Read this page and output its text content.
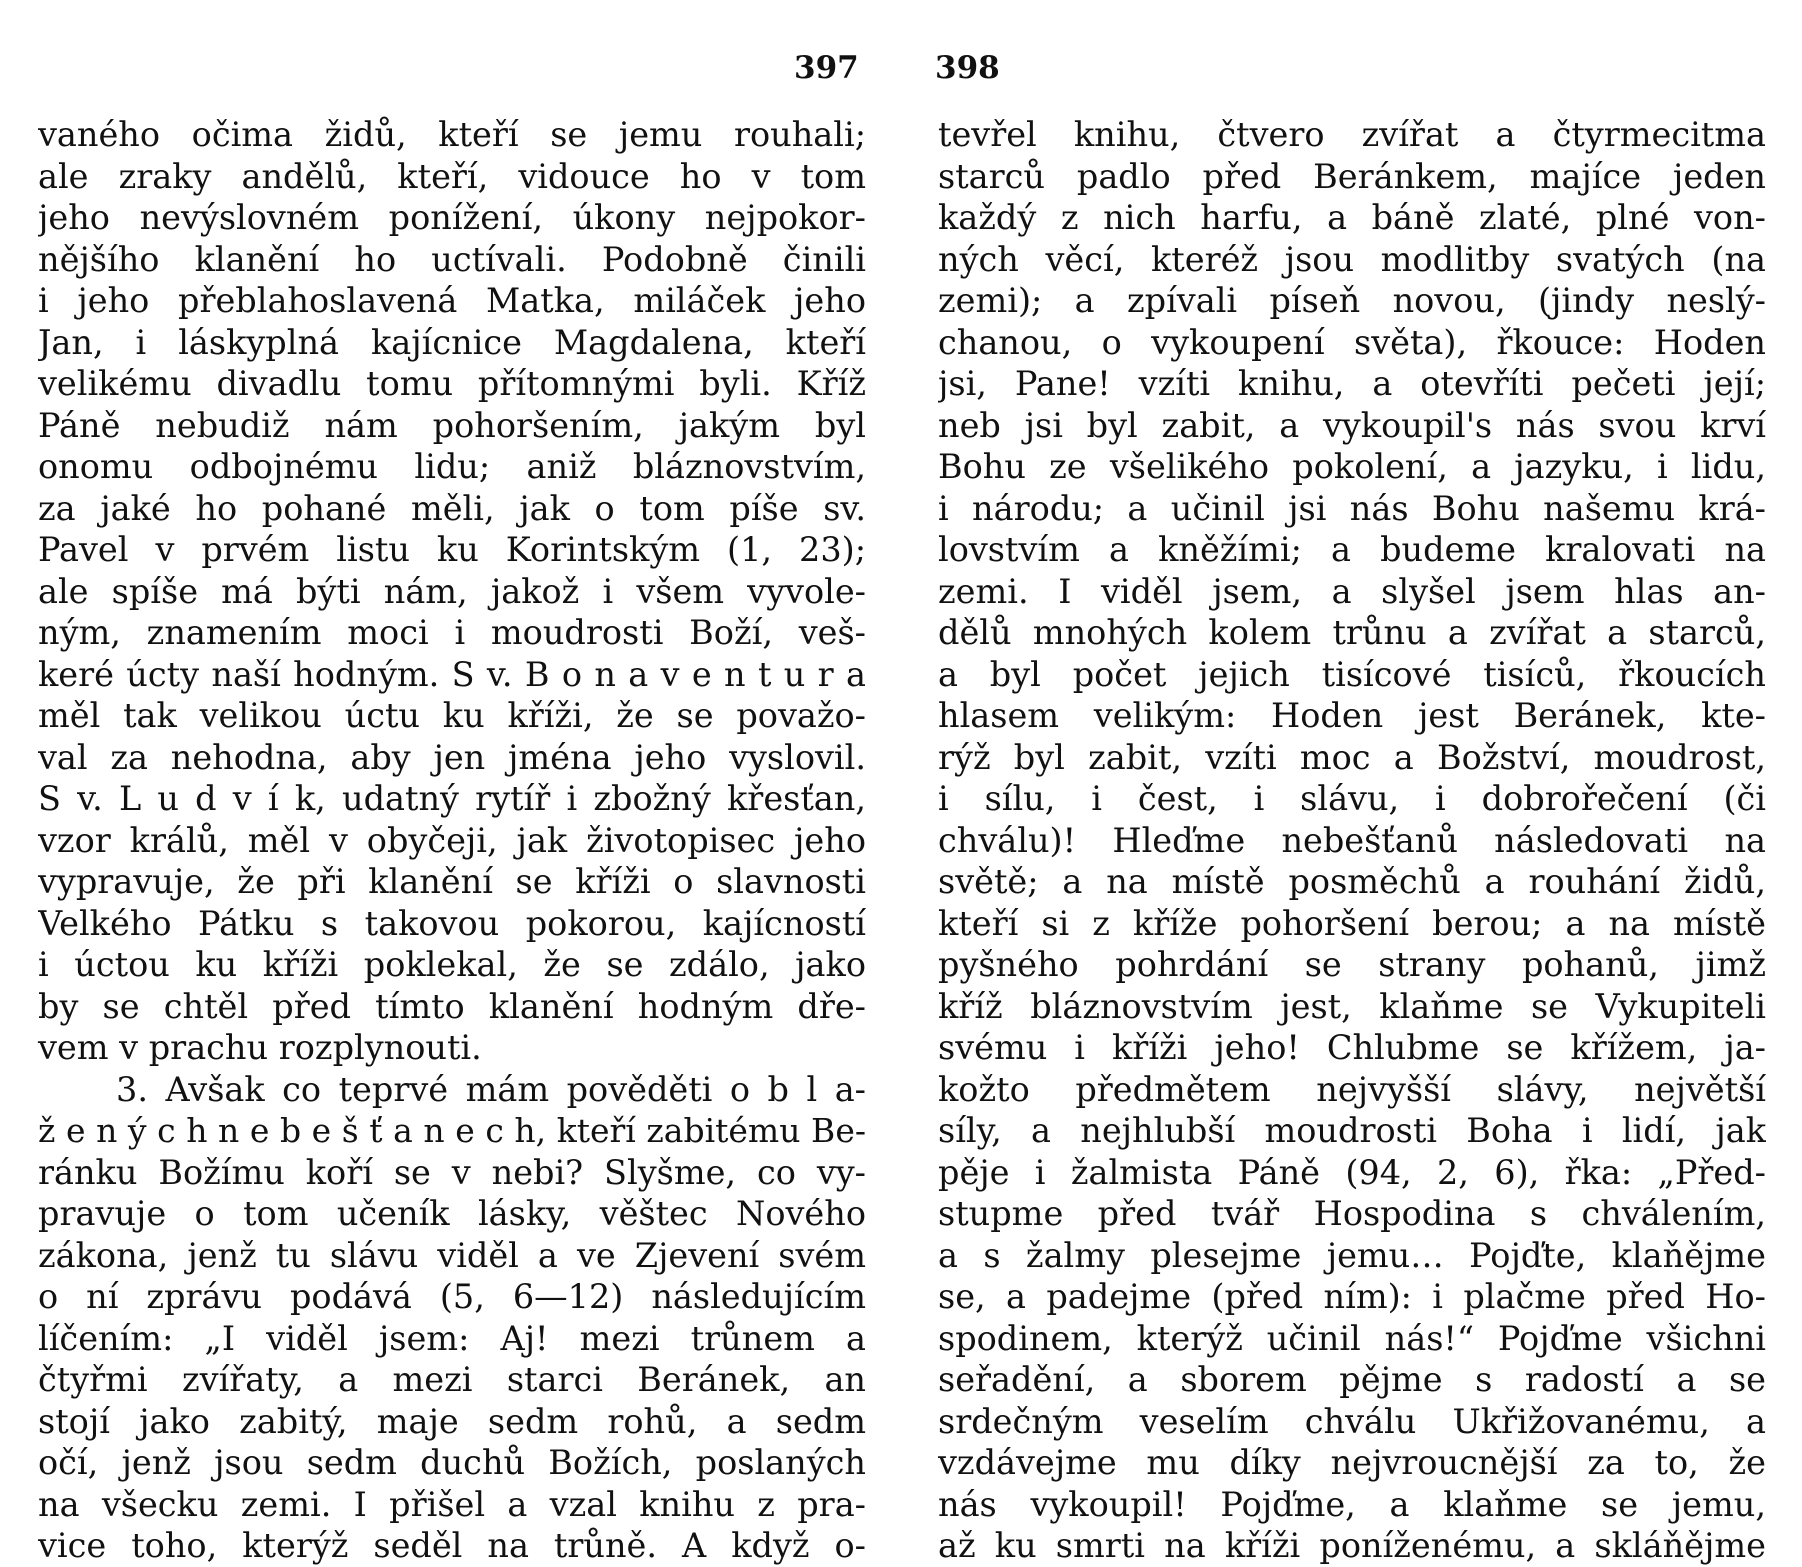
397 398
vaného očima židů, kteří se jemu rouhali;
ale zraky andělů, kteří, vidouce ho v tom
jeho nevýslovném ponížení, úkony nejpokor-
nějšího klanění ho uctívali. Podobně činili
i jeho přeblahoslavená Matka, miláček jeho
Jan, i láskyplná kajícnice Magdalena, kteří
velikému divadlu tomu přítomnými byli. Kříž
Páně nebudiž nám pohoršením, jakým byl
onomu odbojnému lidu; aniž bláznovstvím,
za jaké ho pohané měli, jak o tom píše sv.
Pavel v prvém listu ku Korintským (1, 23);
ale spíše má býti nám, jakož i všem vyvole-
ným, znamením moci i moudrosti Boží, veš-
keré úcty naší hodným. S v. B o n a v e n t u r a
měl tak velikou úctu ku kříži, že se považo-
val za nehodna, aby jen jména jeho vyslovil.
S v. L u d v í k, udatný rytíř i zbožný křesťan,
vzor králů, měl v obyčeji, jak životopisec jeho
vypravuje, že při klanění se kříži o slavnosti
Velkého Pátku s takovou pokorou, kajícností
i úctou ku kříži poklekal, že se zdálo, jako
by se chtěl před tímto klanění hodným dře-
vem v prachu rozplynouti.
3. Avšak co teprvé mám pověděti o b l a-
ž e n ý c h n e b e š ť a n e c h, kteří zabitému Be-
ránku Božímu koří se v nebi? Slyšme, co vy-
pravuje o tom učeník lásky, věštec Nového
zákona, jenž tu slávu viděl a ve Zjevení svém
o ní zprávu podává (5, 6—12) následujícím
líčením: „I viděl jsem: Aj! mezi trůnem a
čtyřmi zvířaty, a mezi starci Beránek, an
stojí jako zabitý, maje sedm rohů, a sedm
očí, jenž jsou sedm duchů Božích, poslaných
na všecku zemi. I přišel a vzal knihu z pra-
vice toho, kterýž seděl na trůně. A když o-
tevřel knihu, čtvero zvířat a čtyrmecitma
starců padlo před Beránkem, majíce jeden
každý z nich harfu, a báně zlaté, plné von-
ných věcí, kteréž jsou modlitby svatých (na
zemi); a zpívali píseň novou, (jindy neslý-
chanou, o vykoupení světa), řkouce: Hoden
jsi, Pane! vzíti knihu, a otevříti pečeti její;
neb jsi byl zabit, a vykoupil's nás svou krví
Bohu ze všelikého pokolení, a jazyku, i lidu,
i národu; a učinil jsi nás Bohu našemu krá-
lovstvím a kněžími; a budeme kralovati na
zemi. I viděl jsem, a slyšel jsem hlas an-
dělů mnohých kolem trůnu a zvířat a starců,
a byl počet jejich tisícové tisíců, řkoucích
hlasem velikým: Hoden jest Beránek, kte-
rýž byl zabit, vzíti moc a Božství, moudrost,
i sílu, i čest, i slávu, i dobrořečení (či
chválu)! Hleďme nebešťanů následovati na
světě; a na místě posměchů a rouhání židů,
kteří si z kříže pohoršení berou; a na místě
pyšného pohrdání se strany pohanů, jimž
kříž bláznovstvím jest, klaňme se Vykupiteli
svému i kříži jeho! Chlubme se křížem, ja-
kožto předmětem nejvyšší slávy, největší
síly, a nejhlubší moudrosti Boha i lidí, jak
pěje i žalmista Páně (94, 2, 6), řka: „Před-
stupme před tvář Hospodina s chválením,
a s žalmy plesejme jemu… Pojďte, klaňějme
se, a padejme (před ním): i plačme před Ho-
spodinem, kterýž učinil nás!“ Pojďme všichni
seřadění, a sborem pějme s radostí a se
srdečným veselím chválu Ukřižovanému, a
vzdávejme mu díky nejvroucnější za to, že
nás vykoupil! Pojďme, a klaňme se jemu,
až ku smrti na kříži poníženému, a skláňějme
